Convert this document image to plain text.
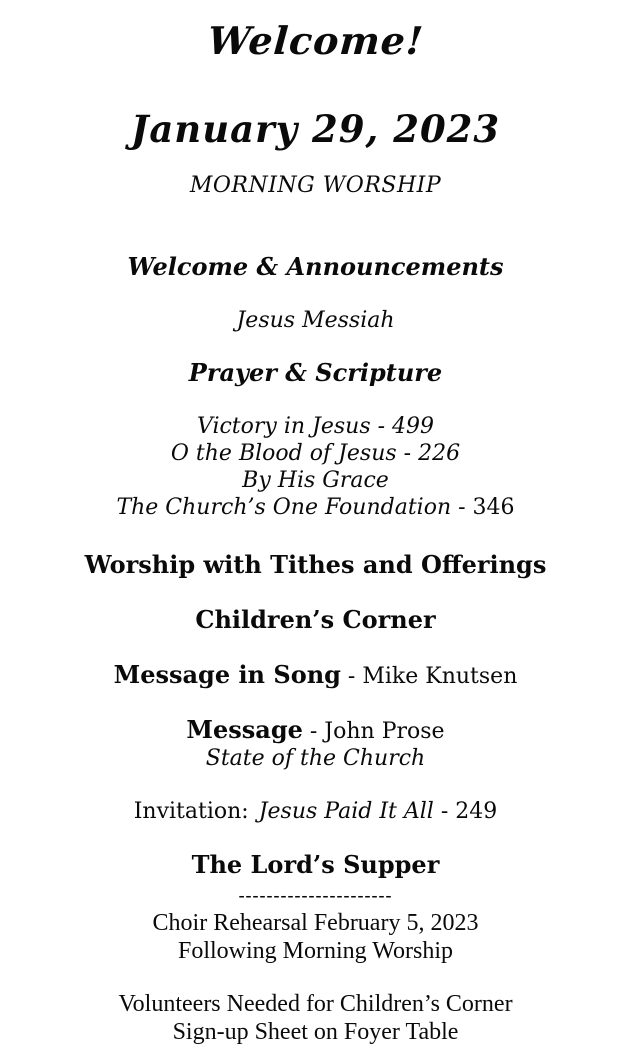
Welcome!
January 29, 2023
MORNING WORSHIP
Welcome & Announcements
Jesus Messiah
Prayer & Scripture
Victory in Jesus - 499
O the Blood of Jesus - 226
By His Grace
The Church’s One Foundation - 346
Worship with Tithes and Offerings
Children’s Corner
Message in Song - Mike Knutsen
Message - John Prose
State of the Church
Invitation: Jesus Paid It All - 249
The Lord’s Supper
----------------------
Choir Rehearsal February 5, 2023
Following Morning Worship
Volunteers Needed for Children’s Corner
Sign-up Sheet on Foyer Table
